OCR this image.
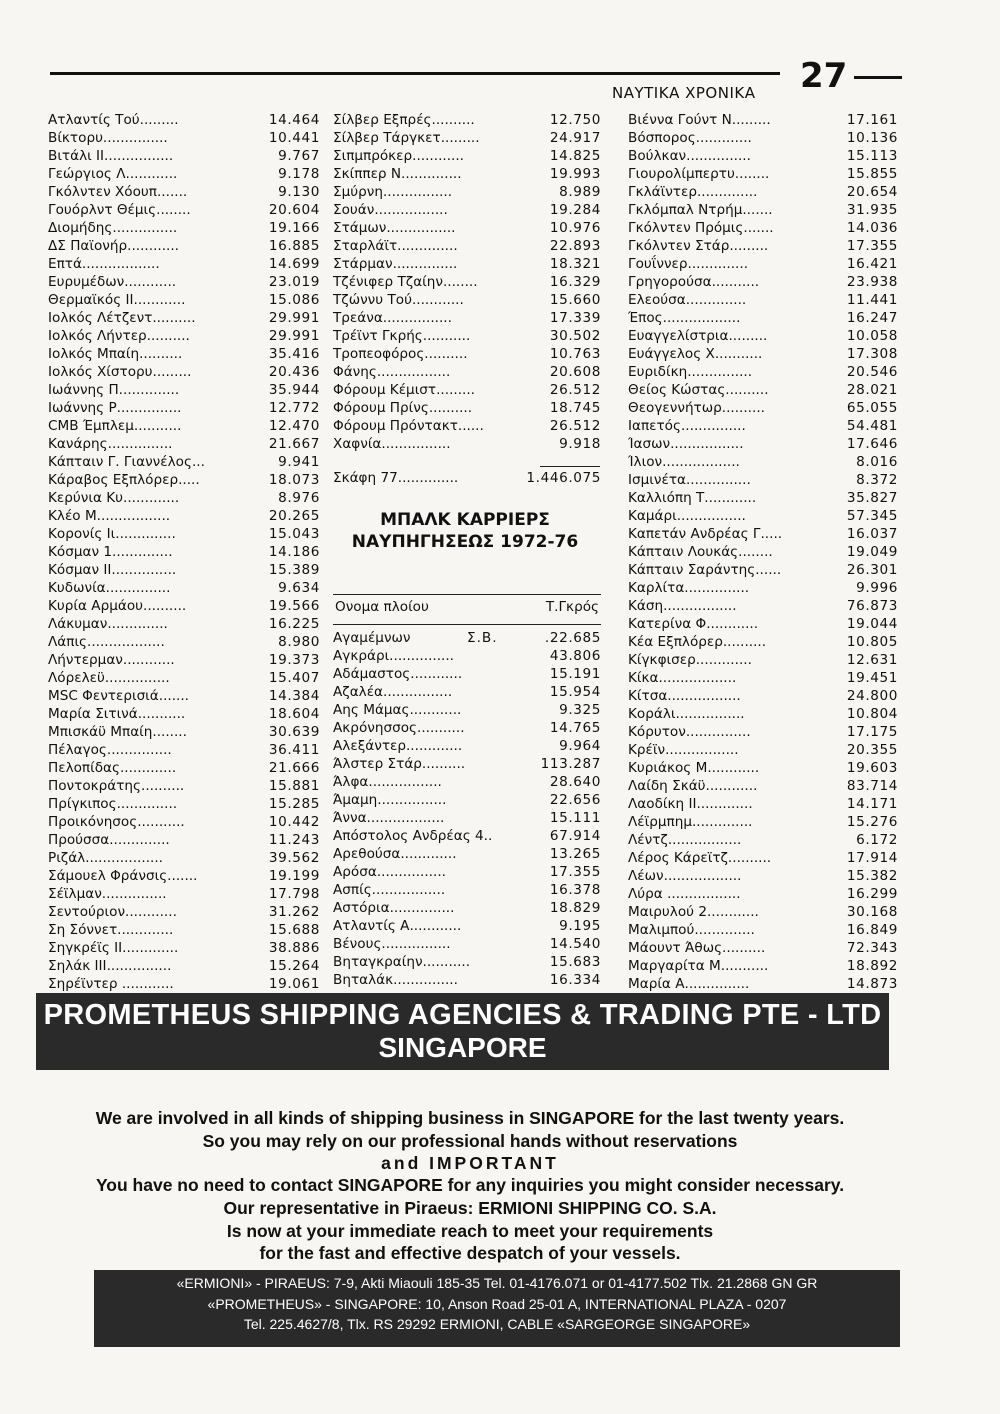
ΝΑΥΤΙΚΑ ΧΡΟΝΙΚΑ 27
Ατλαντίς Τού.........	14.464
Βίκτορυ...............	10.441
Βιτάλι ΙΙ................	9.767
Γεώργιος Λ............	9.178
Γκόλντεν Χόουπ.......	9.130
Γουόρλντ Θέμις........	20.604
Διομήδης...............	19.166
ΔΣ Παϊονήρ............	16.885
Επτά..................	14.699
Ευρυμέδων............	23.019
Θερμαϊκός ΙΙ............	15.086
Ιολκός Λέτζεντ..........	29.991
Ιολκός Λήντερ..........	29.991
Ιολκός Μπαίη..........	35.416
Ιολκός Χίστορυ.........	20.436
Ιωάννης Π..............	35.944
Ιωάννης Ρ...............	12.772
CMB Έμπλεμ...........	12.470
Κανάρης...............	21.667
Κάπταιν Γ. Γιαννέλος...	9.941
Κάραβος Εξπλόρερ.....	18.073
Κερύνια Κυ.............	8.976
Κλέο Μ.................	20.265
Κορονίς Ιι..............	15.043
Κόσμαν 1..............	14.186
Κόσμαν ΙΙ...............	15.389
Κυδωνία...............	9.634
Κυρία Αρμάου..........	19.566
Λάκυμαν..............	16.225
Λάπις..................	8.980
Λήντερμαν............	19.373
Λόρελεϋ...............	15.407
MSC Φεντερισιά.......	14.384
Μαρία Σιτινά...........	18.604
Μπισκάϋ Μπαίη........	30.639
Πέλαγος...............	36.411
Πελοπίδας.............	21.666
Ποντοκράτης..........	15.881
Πρίγκιπος..............	15.285
Προικόνησος...........	10.442
Προύσσα..............	11.243
Ριζάλ..................	39.562
Σάμουελ Φράνσις.......	19.199
Σέϊλμαν...............	17.798
Σεντούριον............	31.262
Ση Σόννετ.............	15.688
Σηγκρέϊς ΙΙ.............	38.886
Σηλάκ ΙΙΙ...............	15.264
Σηρέϊντερ ............	19.061
Σίλβερ Εξπρές..........	12.750
Σίλβερ Τάργκετ.........	24.917
Σιπμπρόκερ............	14.825
Σκίππερ Ν..............	19.993
Σμύρνη................	8.989
Σουάν.................	19.284
Στάμων................	10.976
Σταρλάϊτ..............	22.893
Στάρμαν...............	18.321
Τζένιφερ Τζαίην........	16.329
Τζώννυ Τού............	15.660
Τρεάνα................	17.339
Τρέϊντ Γκρής...........	30.502
Τροπεοφόρος..........	10.763
Φάνης.................	20.608
Φόρουμ Κέμιστ.........	26.512
Φόρουμ Πρίνς..........	18.745
Φόρουμ Πρόντακτ......	26.512
Χαφνία................	9.918
Σκάφη 77..............	1.446.075
ΜΠΑΛΚ ΚΑΡΡΙΕΡΣ
ΝΑΥΠΗΓΗΣΕΩΣ 1972-76
Ονομα πλοίου	Τ.Γκρός
Αγαμέμνων	Σ.Β.	.22.685
Αγκράρι...............	43.806
Αδάμαστος............	15.191
Αζαλέα................	15.954
Αης Μάμας............	9.325
Ακρόνησσος...........	14.765
Αλεξάντερ.............	9.964
Άλστερ Στάρ..........	113.287
Άλφα.................	28.640
Άμαμη................	22.656
Άννα..................	15.111
Απόστολος Ανδρέας 4..	67.914
Αρεθούσα.............	13.265
Αρόσα................	17.355
Ασπίς.................	16.378
Αστόρια...............	18.829
Ατλαντίς Α............	9.195
Βένους................	14.540
Βηταγκραίην...........	15.683
Βηταλάκ...............	16.334
Βιέννα Γούντ Ν.........	17.161
Βόσπορος.............	10.136
Βούλκαν...............	15.113
Γιουρολίμπερτυ........	15.855
Γκλάϊντερ..............	20.654
Γκλόμπαλ Ντρήμ.......	31.935
Γκόλντεν Πρόμις.......	14.036
Γκόλντεν Στάρ.........	17.355
Γουΐννερ..............	16.421
Γρηγορούσα...........	23.938
Ελεούσα..............	11.441
Έπος..................	16.247
Ευαγγελίστρια.........	10.058
Ευάγγελος Χ...........	17.308
Ευριδίκη...............	20.546
Θείος Κώστας..........	28.021
Θεογεννήτωρ..........	65.055
Ιαπετός...............	54.481
Ίασων.................	17.646
Ίλιον..................	8.016
Ισμινέτα...............	8.372
Καλλιόπη Τ............	35.827
Καμάρι................	57.345
Καπετάν Ανδρέας Γ.....	16.037
Κάπταιν Λουκάς........	19.049
Κάπταιν Σαράντης......	26.301
Καρλίτα...............	9.996
Κάση.................	76.873
Κατερίνα Φ............	19.044
Κέα Εξπλόρερ..........	10.805
Κίγκφισερ.............	12.631
Κίκα..................	19.451
Κίτσα.................	24.800
Κοράλι................	10.804
Κόρυτον...............	17.175
Κρέϊν.................	20.355
Κυριάκος Μ............	19.603
Λαίδη Σκάϋ............	83.714
Λαοδίκη ΙΙ.............	14.171
Λέϊρμπημ..............	15.276
Λέντζ.................	6.172
Λέρος Κάρεϊτζ..........	17.914
Λέων..................	15.382
Λύρα .................	16.299
Μαιρυλού 2............	30.168
Μαλιμπού..............	16.849
Μάουντ Άθως..........	72.343
Μαργαρίτα Μ...........	18.892
Μαρία Α...............	14.873
PROMETHEUS SHIPPING AGENCIES & TRADING PTE - LTD
SINGAPORE
We are involved in all kinds of shipping business in SINGAPORE for the last twenty years.
So you may rely on our professional hands without reservations
and IMPORTANT
You have no need to contact SINGAPORE for any inquiries you might consider necessary.
Our representative in Piraeus: ERMIONI SHIPPING CO. S.A.
Is now at your immediate reach to meet your requirements
for the fast and effective despatch of your vessels.
«ERMIONI» - PIRAEUS: 7-9, Akti Miaouli 185-35 Tel. 01-4176.071 or 01-4177.502 Tlx. 21.2868 GN GR
«PROMETHEUS» - SINGAPORE: 10, Anson Road 25-01 A, INTERNATIONAL PLAZA - 0207
Tel. 225.4627/8, Tlx. RS 29292 ERMIONI, CABLE «SARGEORGE SINGAPORE»
